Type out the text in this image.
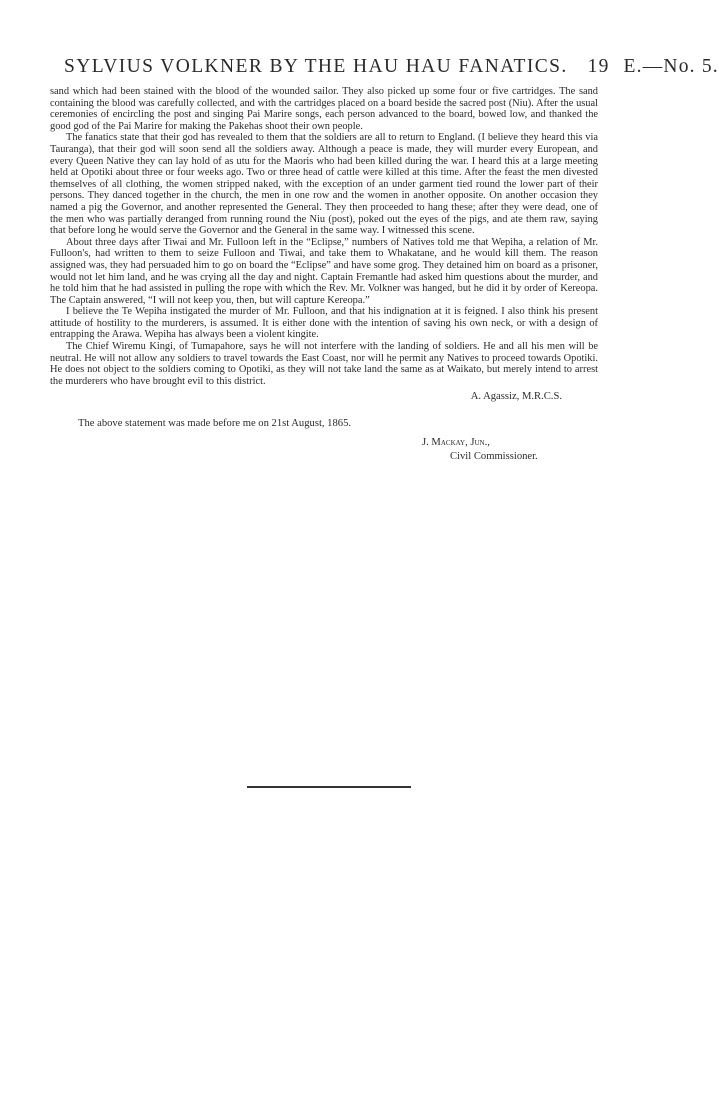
SYLVIUS VOLKNER BY THE HAU HAU FANATICS. 19 E.—No. 5.

sand which had been stained with the blood of the wounded sailor. They also picked up some four or five cartridges. The sand containing the blood was carefully collected, and with the cartridges placed on a board beside the sacred post (Niu). After the usual ceremonies of encircling the post and singing Pai Marire songs, each person advanced to the board, bowed low, and thanked the good god of the Pai Marire for making the Pakehas shoot their own people.

The fanatics state that their god has revealed to them that the soldiers are all to return to England. (I believe they heard this via Tauranga), that their god will soon send all the soldiers away. Although a peace is made, they will murder every European, and every Queen Native they can lay hold of as utu for the Maoris who had been killed during the war. I heard this at a large meeting held at Opotiki about three or four weeks ago. Two or three head of cattle were killed at this time. After the feast the men divested themselves of all clothing, the women stripped naked, with the exception of an under garment tied round the lower part of their persons. They danced together in the church, the men in one row and the women in another opposite. On another occasion they named a pig the Governor, and another represented the General. They then proceeded to hang these; after they were dead, one of the men who was partially deranged from running round the Niu (post), poked out the eyes of the pigs, and ate them raw, saying that before long he would serve the Governor and the General in the same way. I witnessed this scene.

About three days after Tiwai and Mr. Fulloon left in the “Eclipse,” numbers of Natives told me that Wepiha, a relation of Mr. Fulloon's, had written to them to seize Fulloon and Tiwai, and take them to Whakatane, and he would kill them. The reason assigned was, they had persuaded him to go on board the “Eclipse” and have some grog. They detained him on board as a prisoner, would not let him land, and he was crying all the day and night. Captain Fremantle had asked him questions about the murder, and he told him that he had assisted in pulling the rope with which the Rev. Mr. Volkner was hanged, but he did it by order of Kereopa. The Captain answered, “I will not keep you, then, but will capture Kereopa.”

I believe the Te Wepiha instigated the murder of Mr. Fulloon, and that his indignation at it is feigned. I also think his present attitude of hostility to the murderers, is assumed. It is either done with the intention of saving his own neck, or with a design of entrapping the Arawa. Wepiha has always been a violent kingite.

The Chief Wiremu Kingi, of Tumapahore, says he will not interfere with the landing of soldiers. He and all his men will be neutral. He will not allow any soldiers to travel towards the East Coast, nor will he permit any Natives to proceed towards Opotiki. He does not object to the soldiers coming to Opotiki, as they will not take land the same as at Waikato, but merely intend to arrest the murderers who have brought evil to this district.

A. Agassiz, M.R.C.S.
The above statement was made before me on 21st August, 1865.
J. Mackay, Jun.,
Civil Commissioner.
